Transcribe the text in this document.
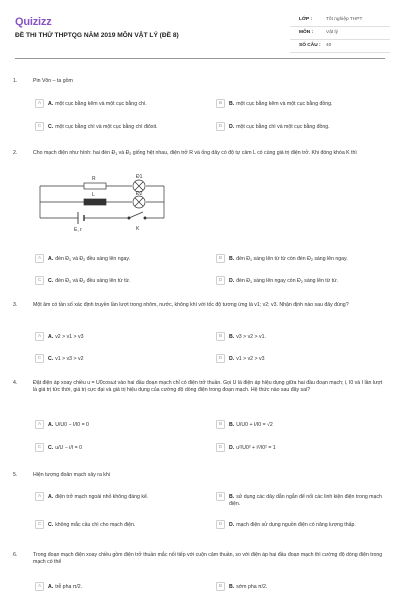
Quizizz
ĐỀ THI THỬ THPTQG NĂM 2019 MÔN VẬT LÝ (ĐỀ 8)
LỚP :	Tốt nghiệp THPT
MÔN :	Vật lý
SỐ CÂU :	40
1.	Pin Vôn – ta gồm
A	A. một cục bằng kẽm và một cục bằng chì.	B	B. một cục bằng kẽm và một cục bằng đồng.
C	C. một cục bằng chì và một cục bằng chì điôxit.	D	D. một cục bằng chì và một cục bằng đồng.
2.	Cho mạch điện như hình: hai đèn $Đ_1$ và $Đ_2$ giống hệt nhau, điện trở R và ống dây có độ tự cảm L có cùng giá trị điện trở. Khi đóng khóa K thì
R
L
Đ1
Đ2
E, r	K
A	A. đèn $Đ_1$ và $Đ_2$ đều sáng lên ngay.	B	B. đèn $Đ_1$ sáng lên từ từ còn đèn $Đ_2$ sáng lên ngay.
C	C. đèn $Đ_1$ và $Đ_2$ đều sáng lên từ từ.	D	D. đèn $Đ_1$ sáng lên ngay còn $Đ_2$ sáng lên từ từ.
3.	Một âm có tần số xác định truyền lần lượt trong nhôm, nước, không khí với tốc độ tương ứng là v1; v2; v3. Nhận định nào sau đây đúng?
A	A. v2 > v1 > v3	B	B. v3 > v2 > v1.
C	C. v1 > v3 > v2	D	D. v1 > v2 > v3
4.	Đặt điện áp xoay chiều u = U0cosωt vào hai đầu đoạn mạch chỉ có điện trở thuần. Gọi U là điện áp hiệu dụng giữa hai đầu đoạn mạch; i, I0 và I lần lượt là giá trị tức thời, giá trị cực đại và giá trị hiệu dụng của cường độ dòng điện trong đoạn mạch. Hệ thức nào sau đây sai?
A	A. U/U0 − I/I0 = 0	B	B. U/U0 + I/I0 = √2
C	C. u/U − i/I = 0	D	D. u²/U0² + i²/I0² = 1
5.	Hiện tượng đoản mạch xảy ra khi
A	A. điện trở mạch ngoài nhỏ không đáng kể.	B	B. sử dụng các dây dẫn ngắn để nối các linh kiện điện trong mạch điện.
C	C. không mắc cầu chì cho mạch điện.	D	D. mạch điện sử dụng nguồn điện có năng lượng thấp.
6.	Trong đoạn mạch điện xoay chiều gồm điện trở thuần mắc nối tiếp với cuộn cảm thuần, so với điện áp hai đầu đoạn mạch thì cường độ dòng điện trong mạch có thể
A	A. trễ pha π/2.	B	B. sớm pha π/2.
